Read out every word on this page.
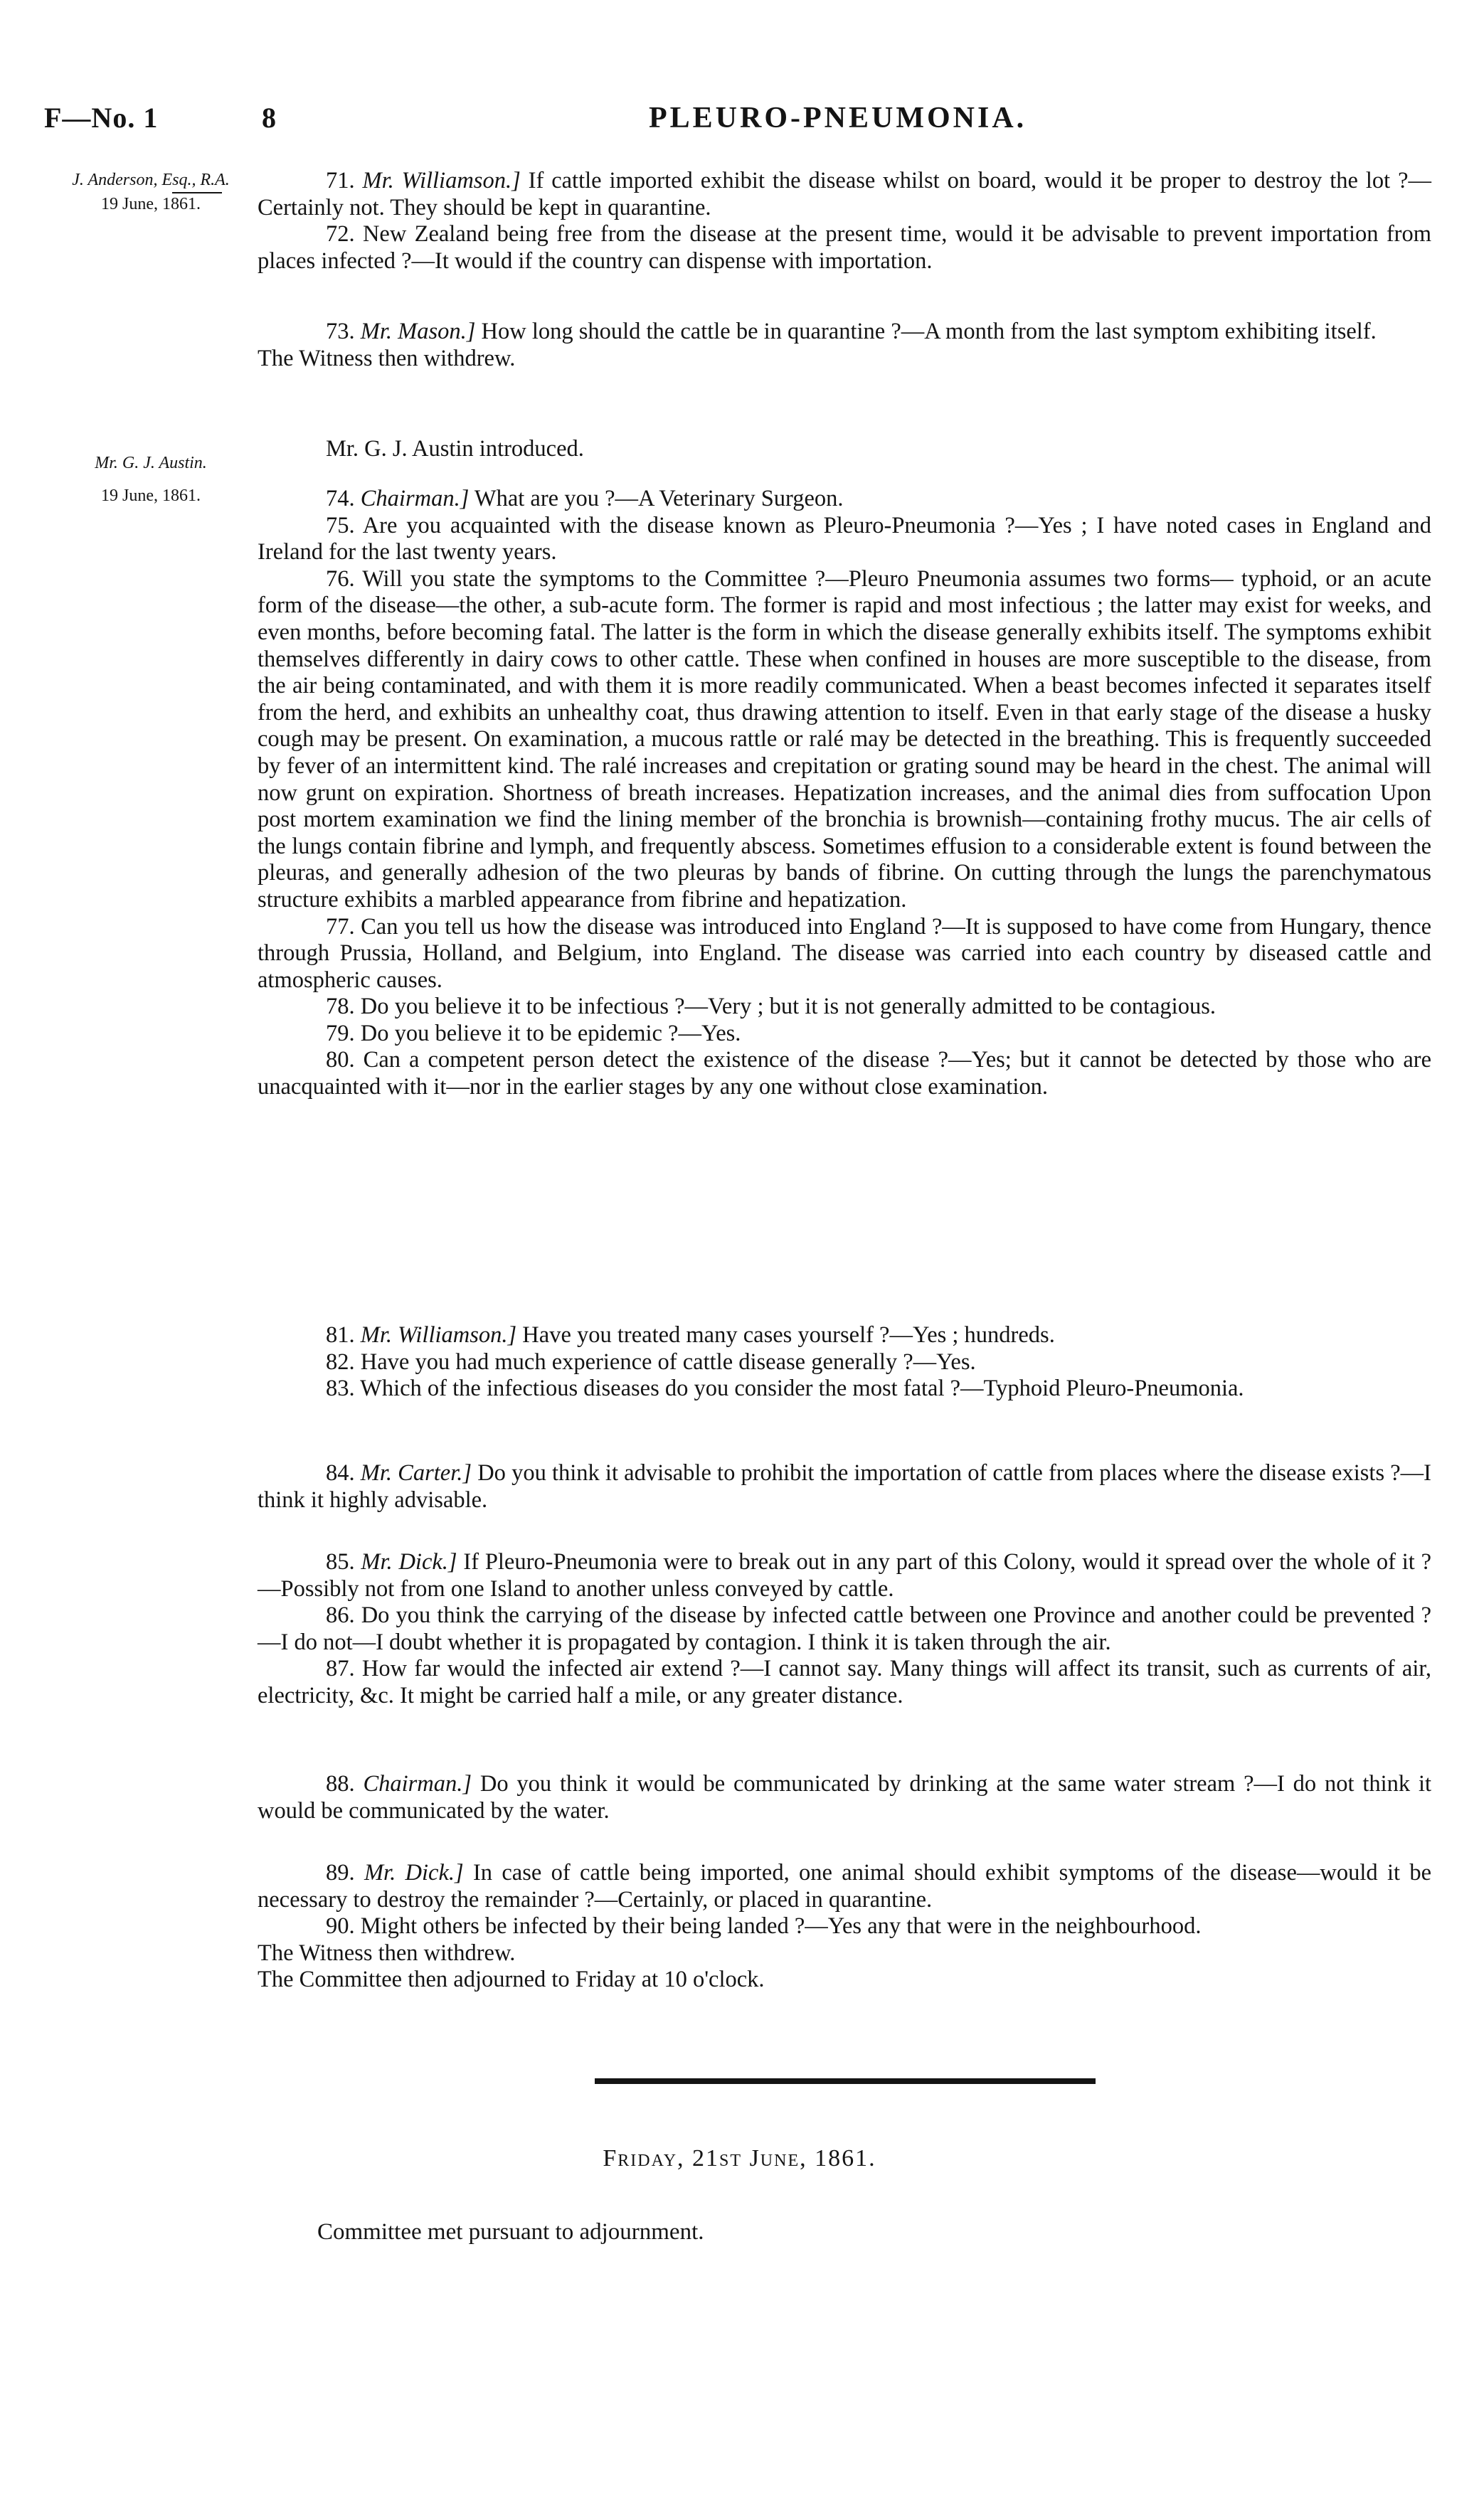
F—No. 1	8	PLEURO-PNEUMONIA.
J. Anderson, Esq., R.A.
19 June, 1861.
Mr. G. J. Austin.
19 June, 1861.

71. Mr. Williamson.] If cattle imported exhibit the disease whilst on board, would it be proper to destroy the lot ?—Certainly not. They should be kept in quarantine.

72. New Zealand being free from the disease at the present time, would it be advisable to prevent importation from places infected ?—It would if the country can dispense with importation.

73. Mr. Mason.] How long should the cattle be in quarantine ?—A month from the last symptom exhibiting itself.

The Witness then withdrew.

Mr. G. J. Austin introduced.

74. Chairman.] What are you ?—A Veterinary Surgeon.

75. Are you acquainted with the disease known as Pleuro-Pneumonia ?—Yes ; I have noted cases in England and Ireland for the last twenty years.

76. Will you state the symptoms to the Committee ?—Pleuro Pneumonia assumes two forms— typhoid, or an acute form of the disease—the other, a sub-acute form. The former is rapid and most infectious ; the latter may exist for weeks, and even months, before becoming fatal. The latter is the form in which the disease generally exhibits itself. The symptoms exhibit themselves differently in dairy cows to other cattle. These when confined in houses are more susceptible to the disease, from the air being contaminated, and with them it is more readily communicated. When a beast becomes infected it separates itself from the herd, and exhibits an unhealthy coat, thus drawing attention to itself. Even in that early stage of the disease a husky cough may be present. On examination, a mucous rattle or ralé may be detected in the breathing. This is frequently succeeded by fever of an intermittent kind. The ralé increases and crepitation or grating sound may be heard in the chest. The animal will now grunt on expiration. Shortness of breath increases. Hepatization increases, and the animal dies from suffocation Upon post mortem examination we find the lining member of the bronchia is brownish—containing frothy mucus. The air cells of the lungs contain fibrine and lymph, and frequently abscess. Sometimes effusion to a considerable extent is found between the pleuras, and generally adhesion of the two pleuras by bands of fibrine. On cutting through the lungs the parenchymatous structure exhibits a marbled appearance from fibrine and hepatization.

77. Can you tell us how the disease was introduced into England ?—It is supposed to have come from Hungary, thence through Prussia, Holland, and Belgium, into England. The disease was carried into each country by diseased cattle and atmospheric causes.

78. Do you believe it to be infectious ?—Very ; but it is not generally admitted to be contagious.

79. Do you believe it to be epidemic ?—Yes.

80. Can a competent person detect the existence of the disease ?—Yes; but it cannot be detected by those who are unacquainted with it—nor in the earlier stages by any one without close examination.

81. Mr. Williamson.] Have you treated many cases yourself ?—Yes ; hundreds.

82. Have you had much experience of cattle disease generally ?—Yes.

83. Which of the infectious diseases do you consider the most fatal ?—Typhoid Pleuro-Pneumonia.

84. Mr. Carter.] Do you think it advisable to prohibit the importation of cattle from places where the disease exists ?—I think it highly advisable.

85. Mr. Dick.] If Pleuro-Pneumonia were to break out in any part of this Colony, would it spread over the whole of it ?—Possibly not from one Island to another unless conveyed by cattle.

86. Do you think the carrying of the disease by infected cattle between one Province and another could be prevented ?—I do not—I doubt whether it is propagated by contagion. I think it is taken through the air.

87. How far would the infected air extend ?—I cannot say. Many things will affect its transit, such as currents of air, electricity, &c. It might be carried half a mile, or any greater distance.

88. Chairman.] Do you think it would be communicated by drinking at the same water stream ?—I do not think it would be communicated by the water.

89. Mr. Dick.] In case of cattle being imported, one animal should exhibit symptoms of the disease—would it be necessary to destroy the remainder ?—Certainly, or placed in quarantine.

90. Might others be infected by their being landed ?—Yes any that were in the neighbourhood.

The Witness then withdrew.

The Committee then adjourned to Friday at 10 o'clock.

Friday, 21st June, 1861.
Committee met pursuant to adjournment.
